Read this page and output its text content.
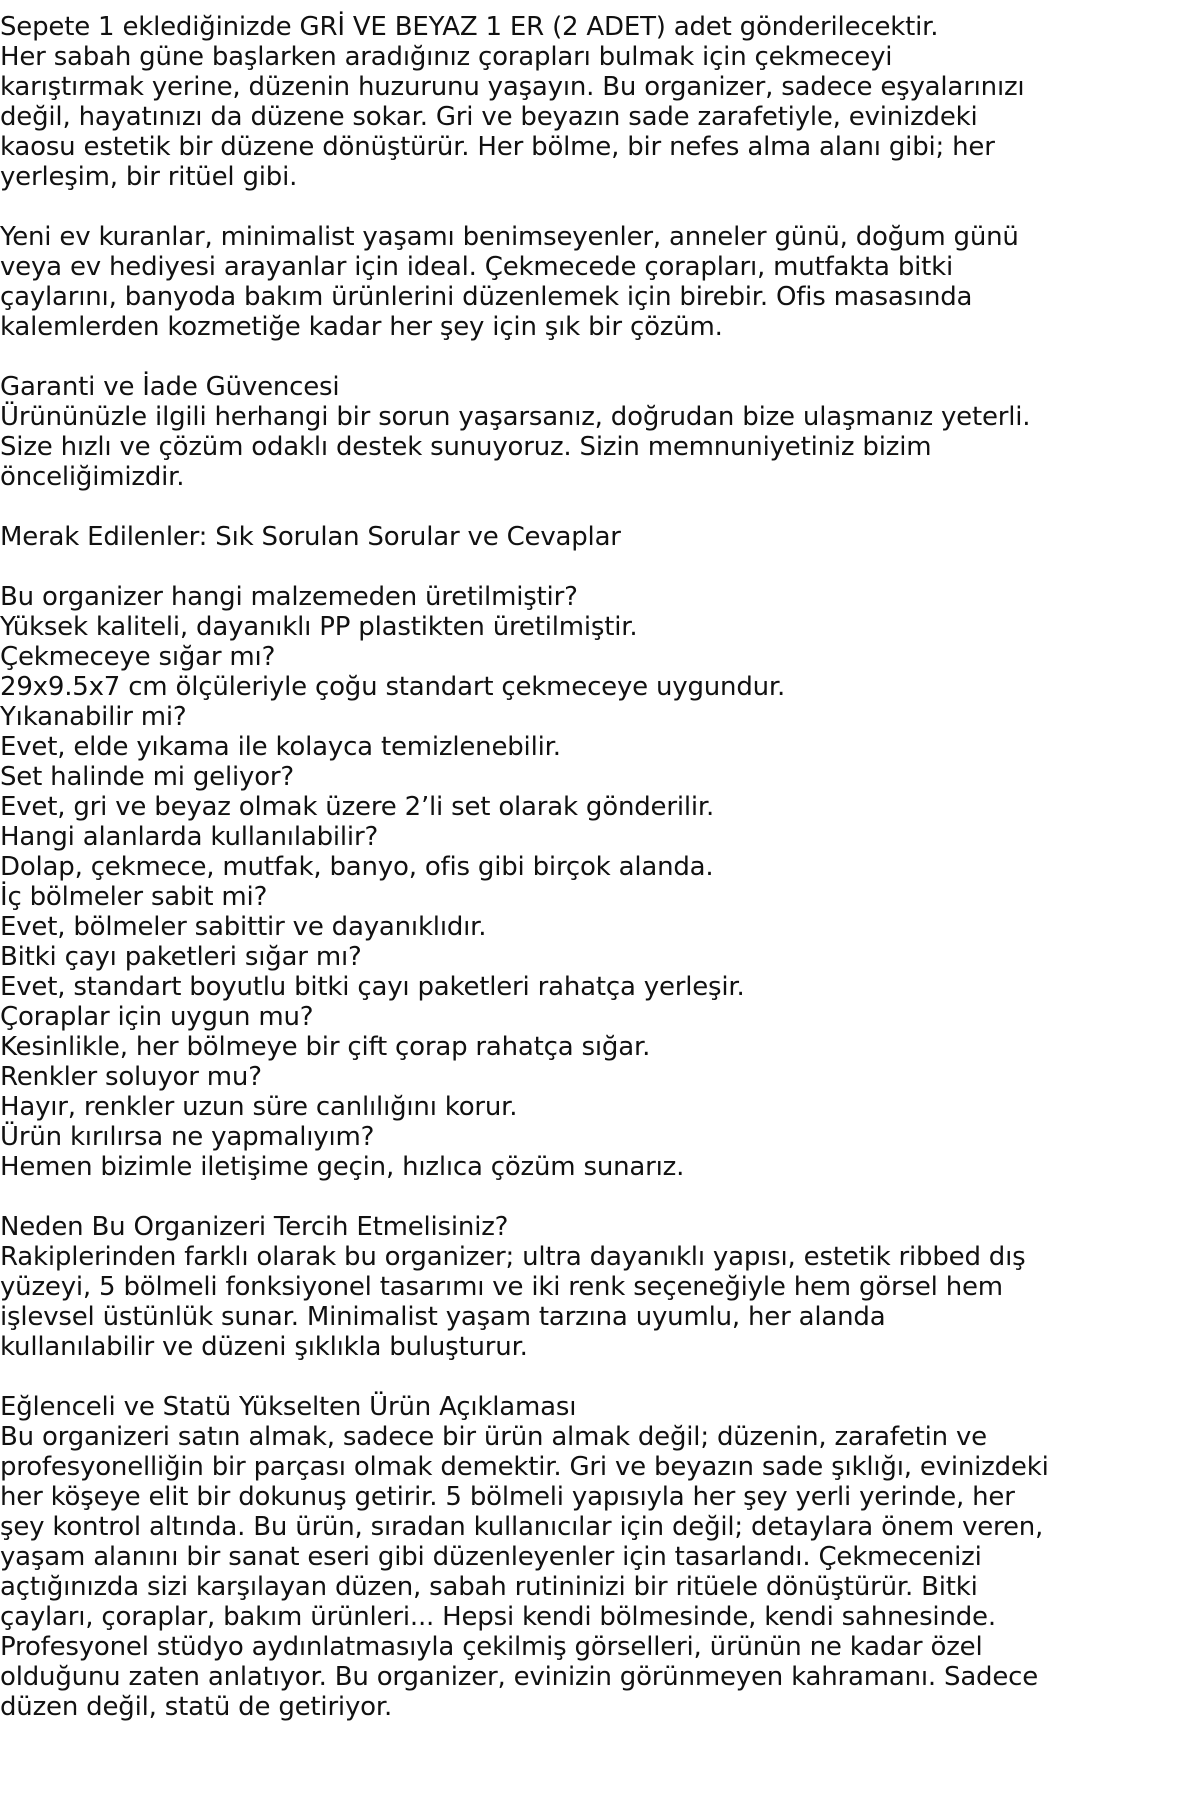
Sepete 1 eklediğinizde GRİ VE BEYAZ 1 ER (2 ADET) adet gönderilecektir.
Her sabah güne başlarken aradığınız çorapları bulmak için çekmeceyi
karıştırmak yerine, düzenin huzurunu yaşayın. Bu organizer, sadece eşyalarınızı
değil, hayatınızı da düzene sokar. Gri ve beyazın sade zarafetiyle, evinizdeki
kaosu estetik bir düzene dönüştürür. Her bölme, bir nefes alma alanı gibi; her
yerleşim, bir ritüel gibi.
Yeni ev kuranlar, minimalist yaşamı benimseyenler, anneler günü, doğum günü
veya ev hediyesi arayanlar için ideal. Çekmecede çorapları, mutfakta bitki
çaylarını, banyoda bakım ürünlerini düzenlemek için birebir. Ofis masasında
kalemlerden kozmetiğe kadar her şey için şık bir çözüm.
Garanti ve İade Güvencesi
Ürününüzle ilgili herhangi bir sorun yaşarsanız, doğrudan bize ulaşmanız yeterli.
Size hızlı ve çözüm odaklı destek sunuyoruz. Sizin memnuniyetiniz bizim
önceliğimizdir.
Merak Edilenler: Sık Sorulan Sorular ve Cevaplar
Bu organizer hangi malzemeden üretilmiştir?
Yüksek kaliteli, dayanıklı PP plastikten üretilmiştir.
Çekmeceye sığar mı?
29x9.5x7 cm ölçüleriyle çoğu standart çekmeceye uygundur.
Yıkanabilir mi?
Evet, elde yıkama ile kolayca temizlenebilir.
Set halinde mi geliyor?
Evet, gri ve beyaz olmak üzere 2’li set olarak gönderilir.
Hangi alanlarda kullanılabilir?
Dolap, çekmece, mutfak, banyo, ofis gibi birçok alanda.
İç bölmeler sabit mi?
Evet, bölmeler sabittir ve dayanıklıdır.
Bitki çayı paketleri sığar mı?
Evet, standart boyutlu bitki çayı paketleri rahatça yerleşir.
Çoraplar için uygun mu?
Kesinlikle, her bölmeye bir çift çorap rahatça sığar.
Renkler soluyor mu?
Hayır, renkler uzun süre canlılığını korur.
Ürün kırılırsa ne yapmalıyım?
Hemen bizimle iletişime geçin, hızlıca çözüm sunarız.
Neden Bu Organizeri Tercih Etmelisiniz?
Rakiplerinden farklı olarak bu organizer; ultra dayanıklı yapısı, estetik ribbed dış
yüzeyi, 5 bölmeli fonksiyonel tasarımı ve iki renk seçeneğiyle hem görsel hem
işlevsel üstünlük sunar. Minimalist yaşam tarzına uyumlu, her alanda
kullanılabilir ve düzeni şıklıkla buluşturur.
Eğlenceli ve Statü Yükselten Ürün Açıklaması
Bu organizeri satın almak, sadece bir ürün almak değil; düzenin, zarafetin ve
profesyonelliğin bir parçası olmak demektir. Gri ve beyazın sade şıklığı, evinizdeki
her köşeye elit bir dokunuş getirir. 5 bölmeli yapısıyla her şey yerli yerinde, her
şey kontrol altında. Bu ürün, sıradan kullanıcılar için değil; detaylara önem veren,
yaşam alanını bir sanat eseri gibi düzenleyenler için tasarlandı. Çekmecenizi
açtığınızda sizi karşılayan düzen, sabah rutininizi bir ritüele dönüştürür. Bitki
çayları, çoraplar, bakım ürünleri... Hepsi kendi bölmesinde, kendi sahnesinde.
Profesyonel stüdyo aydınlatmasıyla çekilmiş görselleri, ürünün ne kadar özel
olduğunu zaten anlatıyor. Bu organizer, evinizin görünmeyen kahramanı. Sadece
düzen değil, statü de getiriyor.
